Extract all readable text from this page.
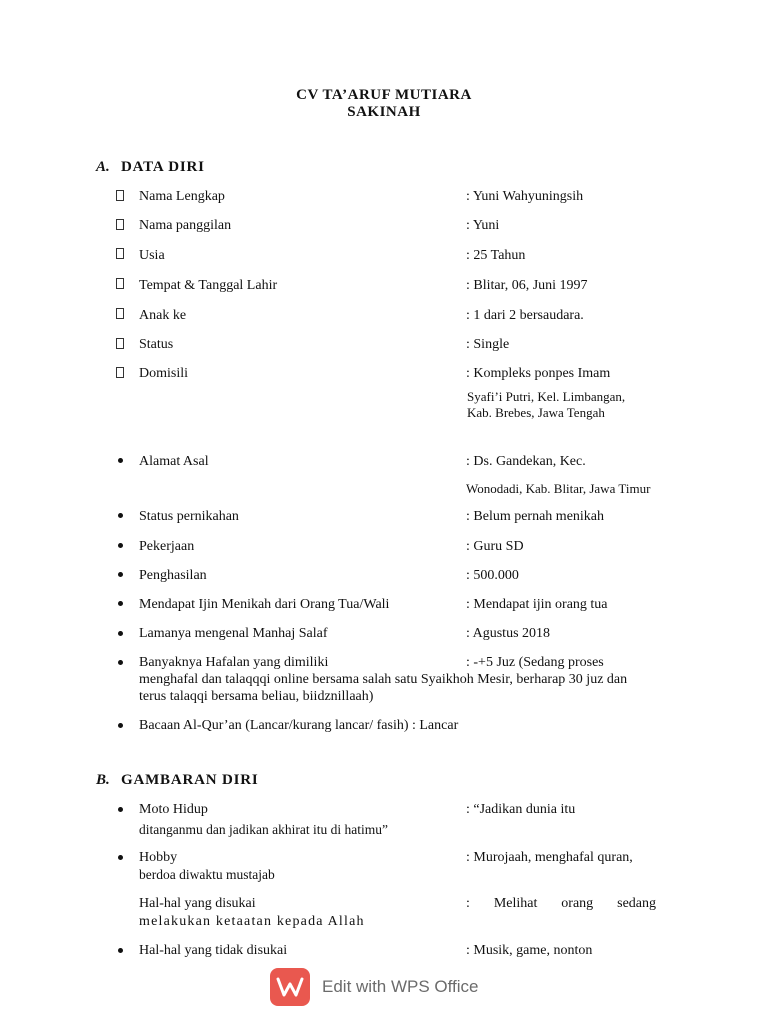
CV TA’ARUF MUTIARA
SAKINAH
A. DATA DIRI
Nama Lengkap	: Yuni Wahyuningsih
Nama panggilan	: Yuni
Usia	: 25 Tahun
Tempat & Tanggal Lahir	: Blitar, 06, Juni 1997
Anak ke	: 1 dari 2 bersaudara.
Status	: Single
Domisili	: Kompleks ponpes Imam
Syafi’i Putri, Kel. Limbangan,
Kab. Brebes, Jawa Tengah
Alamat Asal	: Ds. Gandekan, Kec.
Wonodadi, Kab. Blitar, Jawa Timur
Status pernikahan	: Belum pernah menikah
Pekerjaan	: Guru SD
Penghasilan	: 500.000
Mendapat Ijin Menikah dari Orang Tua/Wali	: Mendapat ijin orang tua
Lamanya mengenal Manhaj Salaf	: Agustus 2018
Banyaknya Hafalan yang dimiliki	: -+5 Juz (Sedang proses
menghafal dan talaqqqi online bersama salah satu Syaikhoh Mesir, berharap 30 juz dan
terus talaqqi bersama beliau, biidznillaah)
Bacaan Al-Qur’an (Lancar/kurang lancar/ fasih) : Lancar
B. GAMBARAN DIRI
Moto Hidup	: “Jadikan dunia itu
ditanganmu dan jadikan akhirat itu di hatimu”
Hobby	: Murojaah, menghafal quran,
berdoa diwaktu mustajab
Hal-hal yang disukai	: Melihat orang sedang
melakukan ketaatan kepada Allah
Hal-hal yang tidak disukai	: Musik, game, nonton
Edit with WPS Office
